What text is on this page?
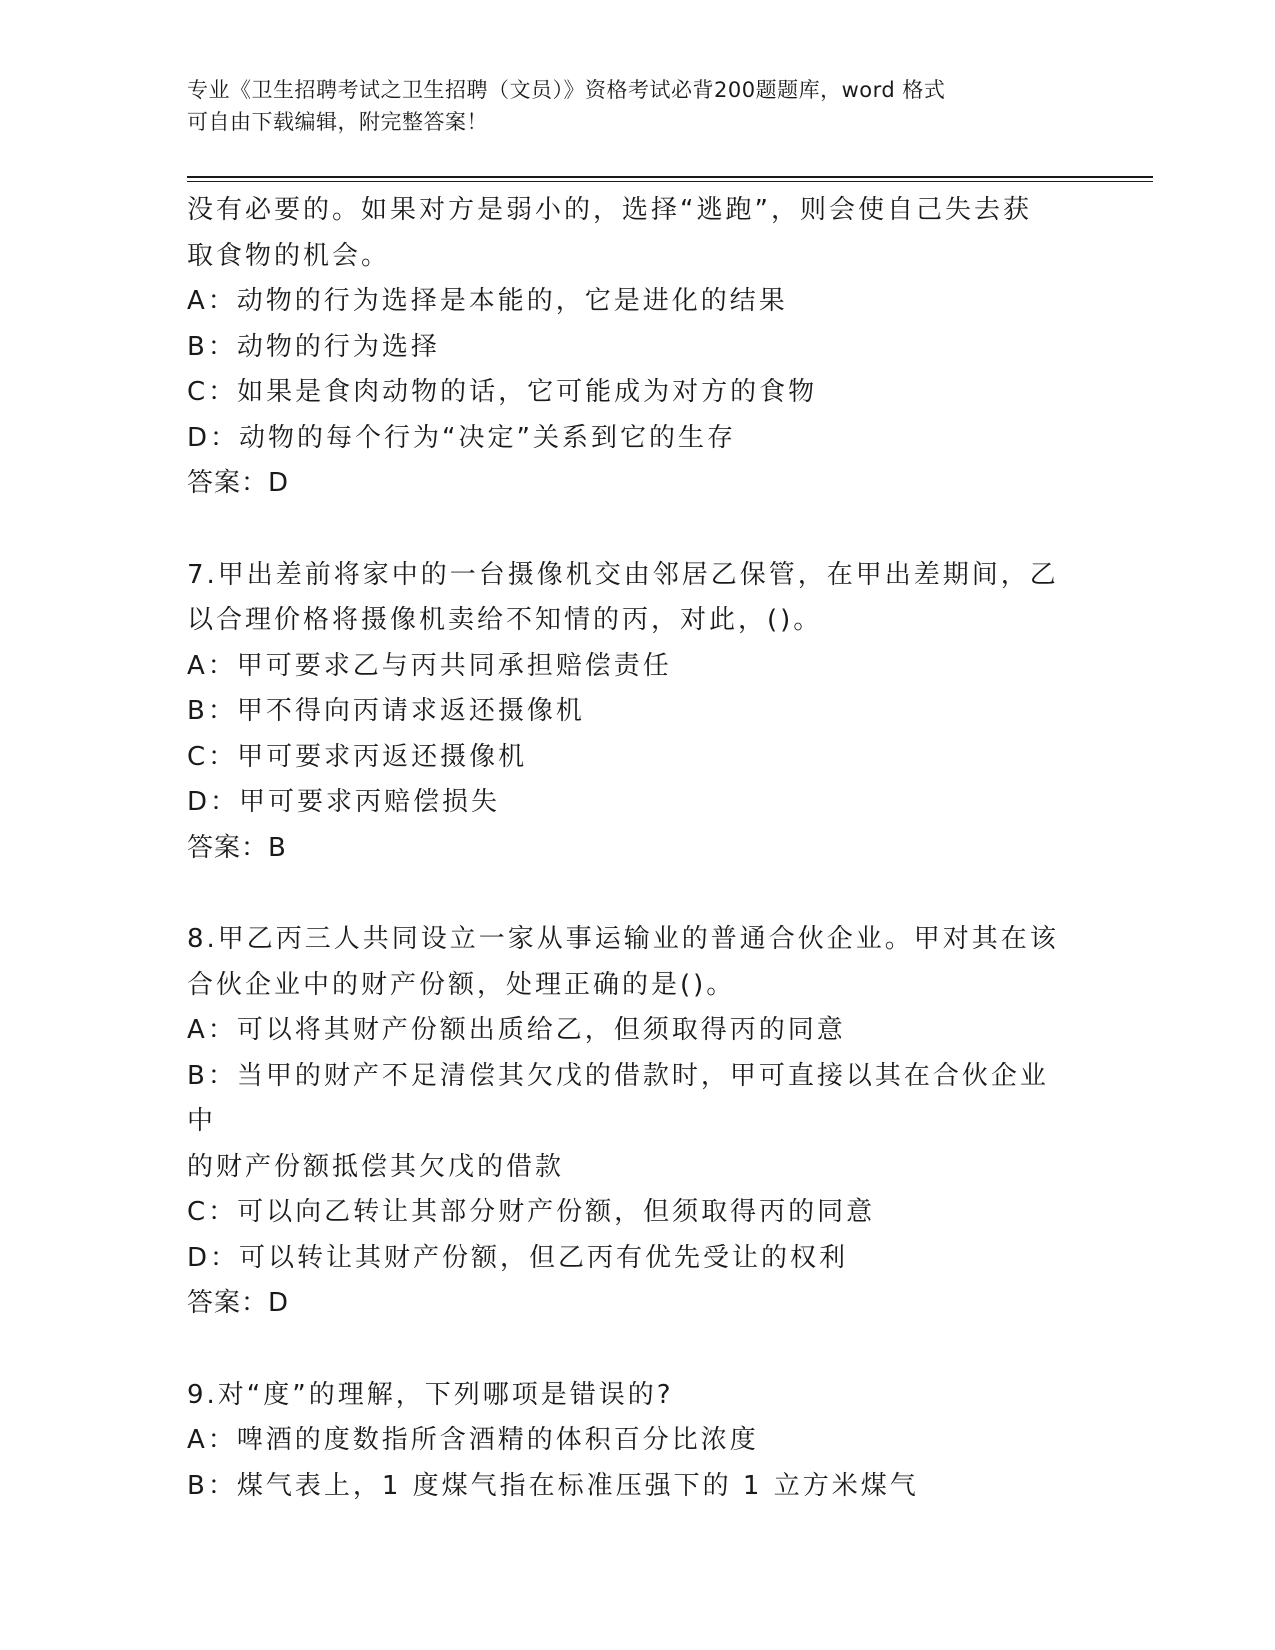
专业《卫生招聘考试之卫生招聘（文员）》资格考试必背200题题库，word 格式
可自由下载编辑，附完整答案！

没有必要的。如果对方是弱小的，选择“逃跑”，则会使自己失去获

取食物的机会。

A：动物的行为选择是本能的，它是进化的结果

B：动物的行为选择

C：如果是食肉动物的话，它可能成为对方的食物

D：动物的每个行为“决定”关系到它的生存

答案：D

7.甲出差前将家中的一台摄像机交由邻居乙保管，在甲出差期间，乙

以合理价格将摄像机卖给不知情的丙，对此，()。

A：甲可要求乙与丙共同承担赔偿责任

B：甲不得向丙请求返还摄像机

C：甲可要求丙返还摄像机

D：甲可要求丙赔偿损失

答案：B

8.甲乙丙三人共同设立一家从事运输业的普通合伙企业。甲对其在该

合伙企业中的财产份额，处理正确的是()。

A：可以将其财产份额出质给乙，但须取得丙的同意

B：当甲的财产不足清偿其欠戊的借款时，甲可直接以其在合伙企业中

的财产份额抵偿其欠戊的借款

C：可以向乙转让其部分财产份额，但须取得丙的同意

D：可以转让其财产份额，但乙丙有优先受让的权利

答案：D

9.对“度”的理解，下列哪项是错误的?

A：啤酒的度数指所含酒精的体积百分比浓度

B：煤气表上，1 度煤气指在标准压强下的 1 立方米煤气
